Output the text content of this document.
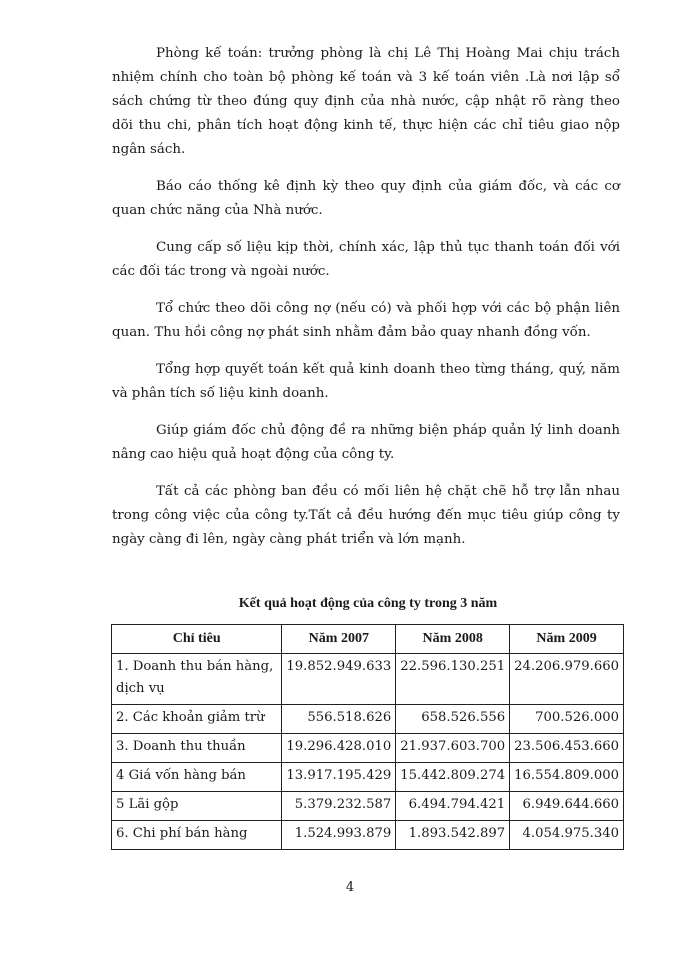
Phòng kế toán: trưởng phòng là chị Lê Thị Hoàng Mai chịu trách nhiệm chính cho toàn bộ phòng kế toán và 3 kế toán viên .Là nơi lập sổ sách chứng từ theo đúng quy định của nhà nước, cập nhật rõ ràng theo dõi thu chi, phân tích hoạt động kinh tế, thực hiện các chỉ tiêu giao nộp ngân sách.

Báo cáo thống kê định kỳ theo quy định của giám đốc, và các cơ quan chức năng của Nhà nước.

Cung cấp số liệu kịp thời, chính xác, lập thủ tục thanh toán đối với các đối tác trong và ngoài nước.

Tổ chức theo dõi công nợ (nếu có) và phối hợp với các bộ phận liên quan. Thu hồi công nợ phát sinh nhằm đảm bảo quay nhanh đồng vốn.

Tổng hợp quyết toán kết quả kinh doanh theo từng tháng, quý, năm và phân tích số liệu kinh doanh.

Giúp giám đốc chủ động đề ra những biện pháp quản lý linh doanh nâng cao hiệu quả hoạt động của công ty.

Tất cả các phòng ban đều có mối liên hệ chặt chẽ hỗ trợ lẫn nhau trong công việc của công ty.Tất cả đều hướng đến mục tiêu giúp công ty ngày càng đi lên, ngày càng phát triển và lớn mạnh.

Kết quả hoạt động của công ty trong 3 năm
Chỉ tiêu	Năm 2007	Năm 2008	Năm 2009
1. Doanh thu bán hàng, dịch vụ	19.852.949.633	22.596.130.251	24.206.979.660
2. Các khoản giảm trừ	556.518.626	658.526.556	700.526.000
3. Doanh thu thuần	19.296.428.010	21.937.603.700	23.506.453.660
4 Giá vốn hàng bán	13.917.195.429	15.442.809.274	16.554.809.000
5 Lãi gộp	5.379.232.587	6.494.794.421	6.949.644.660
6. Chi phí bán hàng	1.524.993.879	1.893.542.897	4.054.975.340
4
